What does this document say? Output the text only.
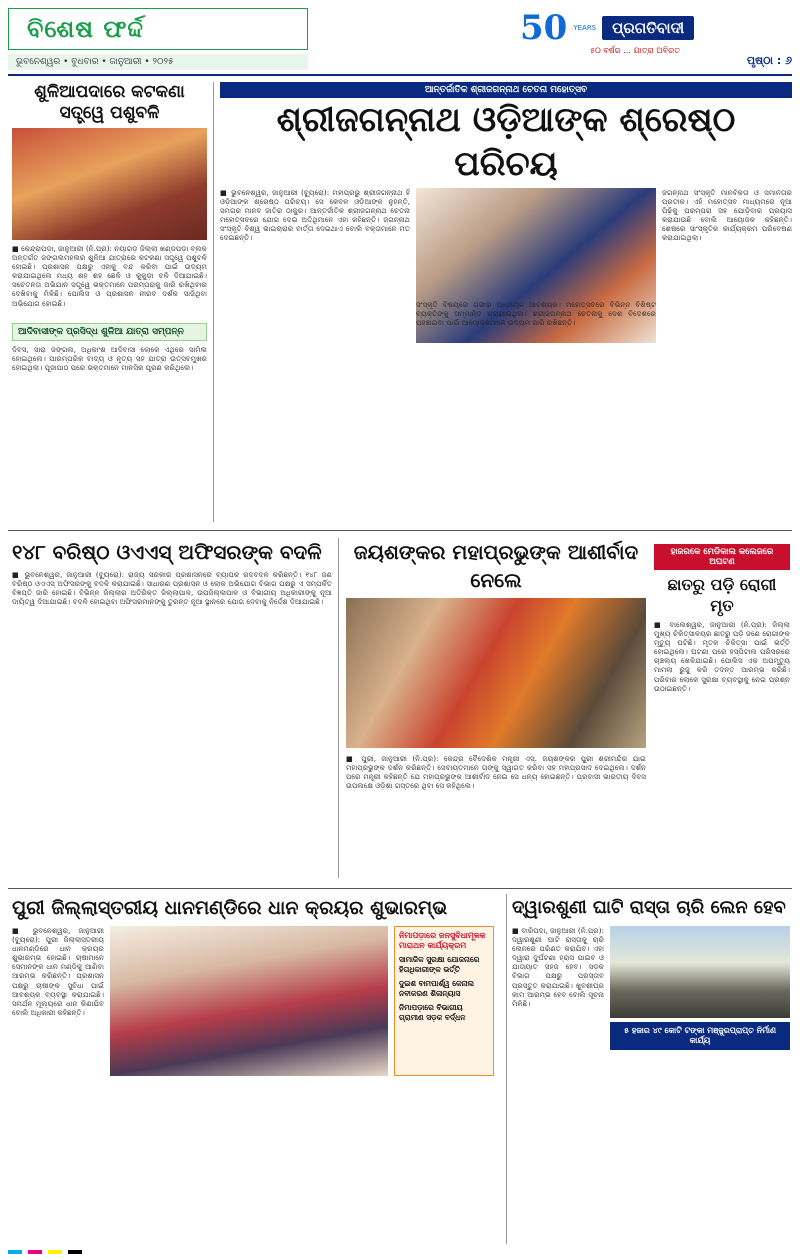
ବିଶେଷ ଫର୍ଦ୍ଦ
ଭୁବନେଶ୍ୱର • ବୁଧବାର • ଜାନୁଆରୀ • ୨୦୨୫
50 YEARS	ପ୍ରଗତିବାଦୀ
୫୦ ବର୍ଷର ... ଯାତ୍ରା ଅବିରତ
ପୃଷ୍ଠା : ୬
ଶୁଳିଆପଦାରେ କଟକଣା ସତ୍ତ୍ୱେ ପଶୁବଳି
■ କେନ୍ଦ୍ରାପଡ଼ା, ଜାନୁଆରୀ (ନି.ପ୍ର): ନୟାଗଡ଼ ଜିଲ୍ଲା ଖଣ୍ଡପଡ଼ା ବ୍ଲକ ଅନ୍ତର୍ଗତ ଜଙ୍ଗଲମହଲର ଶୁଳିଆ ଯାତ୍ରାରେ କଟକଣା ସତ୍ତ୍ୱେ ପଶୁବଳି ହୋଇଛି। ପ୍ରଶାସନ ପକ୍ଷରୁ ଏହାକୁ ବନ୍ଦ କରିବା ପାଇଁ ଉଦ୍ୟମ କରାଯାଇଥିଲେ ମଧ୍ୟ ଶହ ଶହ ଛେଳି ଓ କୁକୁଡ଼ା ବଳି ଦିଆଯାଇଛି। ସଚେତନତା ଅଭିଯାନ ସତ୍ତ୍ୱେ ଭକ୍ତମାନେ ପରମ୍ପରାକୁ ଜାରି ରଖିଥିବାର ଦେଖିବାକୁ ମିଳିଛି। ପୋଲିସ ଓ ପ୍ରଶାସନ ନୀରବ ଦର୍ଶକ ସାଜିଥିବା ଅଭିଯୋଗ ହୋଇଛି।
ଆଦିବାସୀଙ୍କ ପ୍ରସିଦ୍ଧ ଶୁଳିଆ ଯାତ୍ରା ସମ୍ପନ୍ନ
ଦିବସ, ସାରା ଜଙ୍ଗଲ, ଅଧିକାଂଶ ଆଦିବାସୀ ଲୋକେ ଏଥିରେ ସାମିଲ ହୋଇଥିଲେ। ପାରମ୍ପରିକ ବାଦ୍ୟ ଓ ନୃତ୍ୟ ସହ ଯାତ୍ରା ଉତ୍ସବମୁଖର ହୋଇଥିଲା। ପୂଜାପାଠ ପରେ ଭକ୍ତମାନେ ମାନସିକ ପୂରଣ କରିଥିଲେ।
ଆନ୍ତର୍ଜାତିକ ଶ୍ରୀଜଗନ୍ନାଥ ଚେତନା ମହୋତ୍ସବ
ଶ୍ରୀଜଗନ୍ନାଥ ଓଡ଼ିଆଙ୍କ ଶ୍ରେଷ୍ଠ ପରିଚୟ
■ ଭୁବନେଶ୍ୱର, ଜାନୁଆରୀ (ବ୍ୟୁରୋ): ମହାପ୍ରଭୁ ଶ୍ରୀଜଗନ୍ନାଥ ହିଁ ଓଡ଼ିଆଙ୍କ ଶ୍ରେଷ୍ଠ ପରିଚୟ। ସେ କେବଳ ଓଡ଼ିଆଙ୍କ ନୁହନ୍ତି, ସମଗ୍ର ମାନବ ଜାତିର ଠାକୁର। ଆନ୍ତର୍ଜାତିକ ଶ୍ରୀଜଗନ୍ନାଥ ଚେତନା ମହୋତ୍ସବରେ ଯୋଗ ଦେଇ ଅତିଥିମାନେ ଏହା କହିଛନ୍ତି। ଜଗନ୍ନାଥ ସଂସ୍କୃତି ବିଶ୍ୱ ଭାଇଚାରାର ବାର୍ତ୍ତା ଦେଇଥାଏ ବୋଲି ବକ୍ତାମାନେ ମତ ଦେଇଛନ୍ତି।
ଜଗନ୍ନାଥ ସଂସ୍କୃତି ମାନବିକତା ଓ ସମାନତାର ପ୍ରତୀକ। ଏହି ମହୋତ୍ସବ ମାଧ୍ୟମରେ ନୂଆ ପିଢ଼ିକୁ ପରମ୍ପରା ସହ ଯୋଡ଼ିବାର ପ୍ରୟାସ କରାଯାଉଛି ବୋଲି ଆୟୋଜକ କହିଛନ୍ତି। ଶେଷରେ ସାଂସ୍କୃତିକ କାର୍ଯ୍ୟକ୍ରମ ପରିବେଷଣ କରାଯାଇଥିଲା।
ସଂସ୍କୃତି ବିଷୟରେ ଗଭୀର ଅଧ୍ୟୟନ ଆବଶ୍ୟକ। ମହୋତ୍ସବରେ ବିଭିନ୍ନ ବିଶିଷ୍ଟ ବ୍ୟକ୍ତିଙ୍କୁ ସମ୍ମାନିତ କରାଯାଇଥିଲା। ଶ୍ରୀଜଗନ୍ନାଥ ଚେତନାକୁ ଦେଶ ବିଦେଶରେ ପହଞ୍ଚାଇବା ପାଇଁ ଆୟୋଜକମାନେ ଉଦ୍ୟମ ଜାରି ରଖିଛନ୍ତି।
୧୪୮ ବରିଷ୍ଠ ଓଏଏସ୍ ଅଫିସରଙ୍କ ବଦଳି
■ ଭୁବନେଶ୍ୱର, ଜାନୁଆରୀ (ବ୍ୟୁରୋ): ରାଜ୍ୟ ସରକାର ପ୍ରଶାସନରେ ବ୍ୟାପକ ରଦବଦଳ କରିଛନ୍ତି। ୧୪୮ ଜଣ ବରିଷ୍ଠ ଓଏଏସ୍ ଅଫିସରଙ୍କୁ ବଦଳି କରାଯାଇଛି। ସାଧାରଣ ପ୍ରଶାସନ ଓ ଲୋକ ଅଭିଯୋଗ ବିଭାଗ ପକ୍ଷରୁ ଏ ସମ୍ପର୍କିତ ବିଜ୍ଞପ୍ତି ଜାରି ହୋଇଛି। ବିଭିନ୍ନ ଜିଲ୍ଲାର ଅତିରିକ୍ତ ଜିଲ୍ଲାପାଳ, ଉପଜିଲ୍ଲାପାଳ ଓ ବିଭାଗୀୟ ଅଧିକାରୀଙ୍କୁ ନୂଆ ଦାୟିତ୍ୱ ଦିଆଯାଇଛି। ବଦଳି ହୋଇଥିବା ଅଫିସରମାନଙ୍କୁ ତୁରନ୍ତ ନୂଆ ସ୍ଥାନରେ ଯୋଗ ଦେବାକୁ ନିର୍ଦ୍ଦେଶ ଦିଆଯାଇଛି।
ଜୟଶଙ୍କର ମହାପ୍ରଭୁଙ୍କ ଆଶୀର୍ବାଦ ନେଲେ
■ ପୁରୀ, ଜାନୁଆରୀ (ନି.ପ୍ର): କେନ୍ଦ୍ର ବୈଦେଶିକ ମନ୍ତ୍ରୀ ଏସ୍. ଜୟଶଙ୍କର ପୁରୀ ଶ୍ରୀମନ୍ଦିର ଯାଇ ମହାପ୍ରଭୁଙ୍କ ଦର୍ଶନ କରିଛନ୍ତି। ସେବାୟତମାନେ ତାଙ୍କୁ ସ୍ୱାଗତ କରିବା ସହ ମହାପ୍ରସାଦ ଦେଇଥିଲେ। ଦର୍ଶନ ପରେ ମନ୍ତ୍ରୀ କହିଛନ୍ତି ଯେ ମହାପ୍ରଭୁଙ୍କ ଆଶୀର୍ବାଦ ନେଇ ସେ ଧନ୍ୟ ହୋଇଛନ୍ତି। ପ୍ରବାସୀ ଭାରତୀୟ ଦିବସ ଉପଲକ୍ଷେ ଓଡ଼ିଶା ଗସ୍ତରେ ଥିବା ସେ କହିଥିଲେ।
ହାଜରକେ ମେଡିକାଲ କଲେଜରେ ଅଘଟଣ
ଛାତରୁ ପଡ଼ି ରୋଗୀ ମୃତ
■ ବାଲେଶ୍ୱର, ଜାନୁଆରୀ (ନି.ପ୍ର): ଜିଲ୍ଲା ମୁଖ୍ୟ ଚିକିତ୍ସାଳୟର ଛାତରୁ ପଡ଼ି ଜଣେ ରୋଗୀଙ୍କ ମୃତ୍ୟୁ ଘଟିଛି। ମୃତକ ଚିକିତ୍ସା ପାଇଁ ଭର୍ତ୍ତି ହୋଇଥିଲେ। ଘଟଣା ପରେ ହସ୍ପିଟାଲ ପରିସରରେ ଚାଞ୍ଚଲ୍ୟ ଖେଳିଯାଇଛି। ପୋଲିସ ଏକ ଅପମୃତ୍ୟୁ ମାମଲା ରୁଜୁ କରି ତଦନ୍ତ ଆରମ୍ଭ କରିଛି। ପରିବାର ଲୋକେ ସୁରକ୍ଷା ବ୍ୟବସ୍ଥାକୁ ନେଇ ପ୍ରଶ୍ନ ଉଠାଇଛନ୍ତି।
ପୁରୀ ଜିଲ୍ଲାସ୍ତରୀୟ ଧାନମଣ୍ଡିରେ ଧାନ କ୍ରୟର ଶୁଭାରମ୍ଭ
■ ଭୁବନେଶ୍ୱର, ଜାନୁଆରୀ (ବ୍ୟୁରୋ): ପୁରୀ ଜିଲ୍ଲାସ୍ତରୀୟ ଧାନମଣ୍ଡିରେ ଧାନ କ୍ରୟର ଶୁଭାରମ୍ଭ ହୋଇଛି। ଚାଷୀମାନେ ସେମାନଙ୍କ ଧାନ ମଣ୍ଡିକୁ ଆଣିବା ଆରମ୍ଭ କରିଛନ୍ତି। ପ୍ରଶାସନ ପକ୍ଷରୁ ଚାଷୀଙ୍କ ସୁବିଧା ପାଇଁ ଆବଶ୍ୟକ ବ୍ୟବସ୍ଥା କରାଯାଇଛି। ସମର୍ଥନ ମୂଲ୍ୟରେ ଧାନ କିଣାଯିବ ବୋଲି ଅଧିକାରୀ କହିଛନ୍ତି।
ନିମାପଡ଼ାରେ ଜନସୁବିଧାମୂଳକ ମାରାଥନ କାର୍ଯ୍ୟକ୍ରମ
ସାମାଜିକ ସୁରକ୍ଷା ଯୋଜନାରେ ହିତାଧିକାରୀଙ୍କ ଭର୍ତ୍ତି
ଦୁଇଶ ବାମପାର୍ଶ୍ୱ କେନାଲ ନବୀକରଣ ଶିଳାନ୍ୟାସ
ନିମାପଡ଼ାରେ ବିଭାଗୀୟ ଗ୍ରାମୀଣ ସଡ଼କ ବର୍ଦ୍ଧନ
ଦ୍ୱାରଶୁଣୀ ଘାଟି ରାସ୍ତା ଚାରି ଲେନ ହେବ
■ ବାରିପଦା, ଜାନୁଆରୀ (ନି.ପ୍ର): ଦ୍ୱାରଶୁଣୀ ଘାଟି ରାସ୍ତାକୁ ଚାରି ଲେନରେ ପରିଣତ କରାଯିବ। ଏହା ଦ୍ୱାରା ଦୁର୍ଘଟଣା ହ୍ରାସ ପାଇବ ଓ ଯାତାୟାତ ସହଜ ହେବ। ସଡ଼କ ବିଭାଗ ପକ୍ଷରୁ ପ୍ରସ୍ତାବ ପ୍ରସ୍ତୁତ କରାଯାଇଛି। ଖୁବଶୀଘ୍ର କାମ ଆରମ୍ଭ ହେବ ବୋଲି ସୂଚନା ମିଳିଛି।
୫ ହଜାର ୪୯ କୋଟି ଟଙ୍କା ମଞ୍ଜୁରପ୍ରାପ୍ତ ନିର୍ମାଣ କାର୍ଯ୍ୟ
